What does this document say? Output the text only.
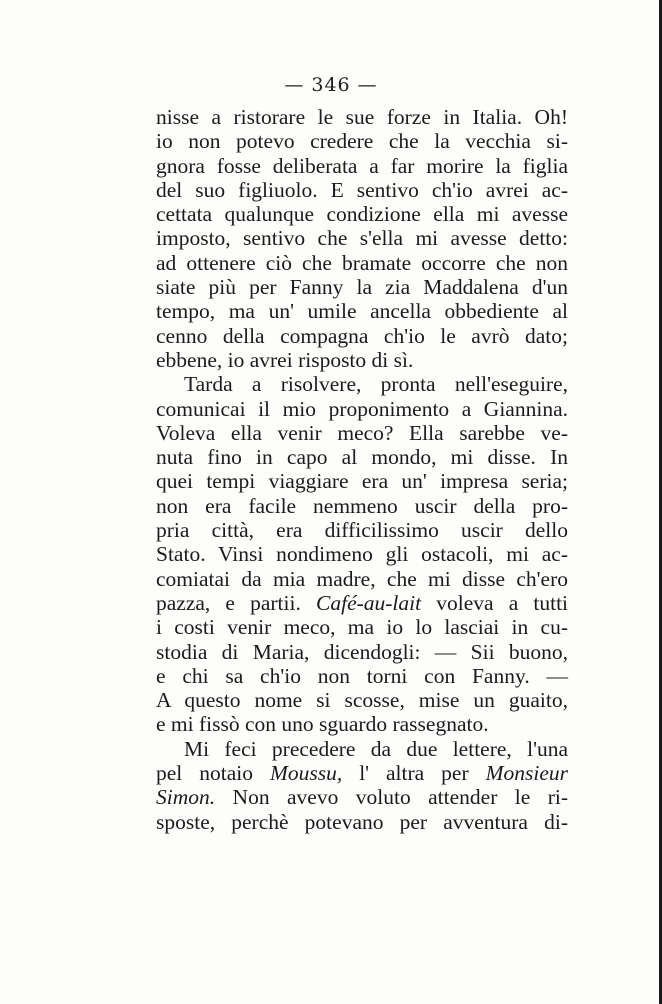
— 346 —
nisse a ristorare le sue forze in Italia. Oh!
io non potevo credere che la vecchia si-
gnora fosse deliberata a far morire la figlia
del suo figliuolo. E sentivo ch'io avrei ac-
cettata qualunque condizione ella mi avesse
imposto, sentivo che s'ella mi avesse detto:
ad ottenere ciò che bramate occorre che non
siate più per Fanny la zia Maddalena d'un
tempo, ma un' umile ancella obbediente al
cenno della compagna ch'io le avrò dato;
ebbene, io avrei risposto di sì.
Tarda a risolvere, pronta nell'eseguire,
comunicai il mio proponimento a Giannina.
Voleva ella venir meco? Ella sarebbe ve-
nuta fino in capo al mondo, mi disse. In
quei tempi viaggiare era un' impresa seria;
non era facile nemmeno uscir della pro-
pria città, era difficilissimo uscir dello
Stato. Vinsi nondimeno gli ostacoli, mi ac-
comiatai da mia madre, che mi disse ch'ero
pazza, e partii. Café-au-lait voleva a tutti
i costi venir meco, ma io lo lasciai in cu-
stodia di Maria, dicendogli: — Sii buono,
e chi sa ch'io non torni con Fanny. —
A questo nome si scosse, mise un guaito,
e mi fissò con uno sguardo rassegnato.
Mi feci precedere da due lettere, l'una
pel notaio Moussu, l' altra per Monsieur
Simon. Non avevo voluto attender le ri-
sposte, perchè potevano per avventura di-
